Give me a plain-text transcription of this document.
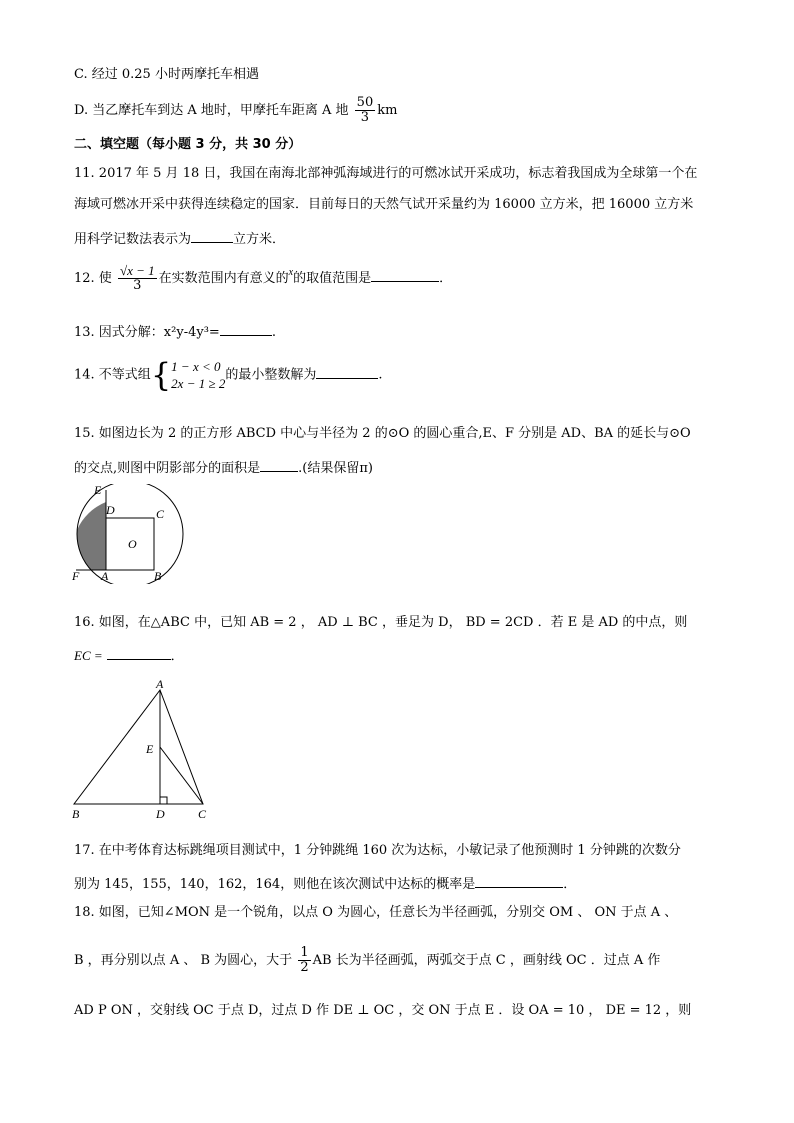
C. 经过 0.25 小时两摩托车相遇
D. 当乙摩托车到达 A 地时，甲摩托车距离 A 地 $\frac{50}{3}$ km
二、填空题（每小题 3 分，共 30 分）
11. 2017 年 5 月 18 日，我国在南海北部神弧海域进行的可燃冰试开采成功，标志着我国成为全球第一个在
海域可燃冰开采中获得连续稳定的国家．目前每日的天然气试开采量约为 16000 立方米，把 16000 立方米
用科学记数法表示为	立方米．
12. 使 $\frac{√x - 1}{3}$ 在实数范围内有意义的$^x$的取值范围是	．
13. 因式分解：x²y-4y³=	.
14. 不等式组{ 1 − x < 0
2x − 1 ≥ 2
的最小整数解为	.
15. 如图边长为 2 的正方形 ABCD 中心与半径为 2 的⊙O 的圆心重合,E、F 分别是 AD、BA 的延长与⊙O
的交点,则图中阴影部分的面积是	.(结果保留π)
E
D	C
O
F A	B
16. 如图，在△ABC 中，已知 AB = 2 ， AD ⊥ BC ，垂足为 D， BD = 2CD ．若 E 是 AD 的中点，则
EC =	．
A
E
B	D	C
17. 在中考体育达标跳绳项目测试中，1 分钟跳绳 160 次为达标，小敏记录了他预测时 1 分钟跳的次数分
别为 145，155，140，162，164，则他在该次测试中达标的概率是	．
18. 如图，已知∠MON 是一个锐角，以点 O 为圆心，任意长为半径画弧，分别交 OM 、 ON 于点 A 、
B ，再分别以点 A 、 B 为圆心，大于 $\frac{1}{2}$ AB 长为半径画弧，两弧交于点 C ，画射线 OC ．过点 A 作
AD P ON ，交射线 OC 于点 D，过点 D 作 DE ⊥ OC ，交 ON 于点 E ．设 OA = 10 ， DE = 12 ，则
